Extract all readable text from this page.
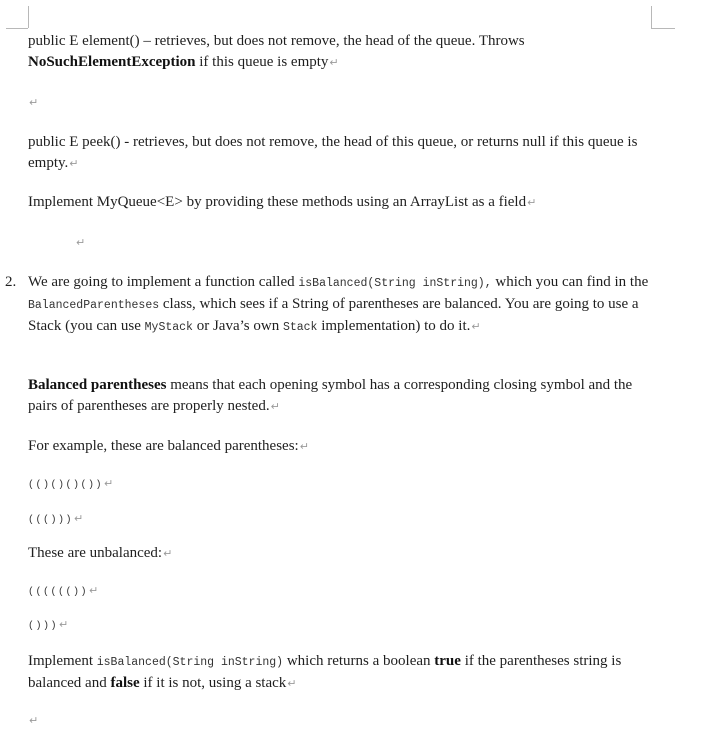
public E element() – retrieves, but does not remove, the head of the queue. Throws
NoSuchElementException if this queue is empty↵

↵

public E peek() - retrieves, but does not remove, the head of this queue, or returns null if this queue is empty.↵

Implement MyQueue<E> by providing these methods using an ArrayList as a field↵

↵

2. We are going to implement a function called isBalanced(String inString), which you can find in the BalancedParentheses class, which sees if a String of parentheses are balanced. You are going to use a Stack (you can use MyStack or Java’s own Stack implementation) to do it.↵

Balanced parentheses means that each opening symbol has a corresponding closing symbol and the pairs of parentheses are properly nested.↵

For example, these are balanced parentheses:↵

(()()()())↵
((()))↵

These are unbalanced:↵

(((((())↵
()))↵

Implement isBalanced(String inString) which returns a boolean true if the parentheses string is balanced and false if it is not, using a stack↵

↵
